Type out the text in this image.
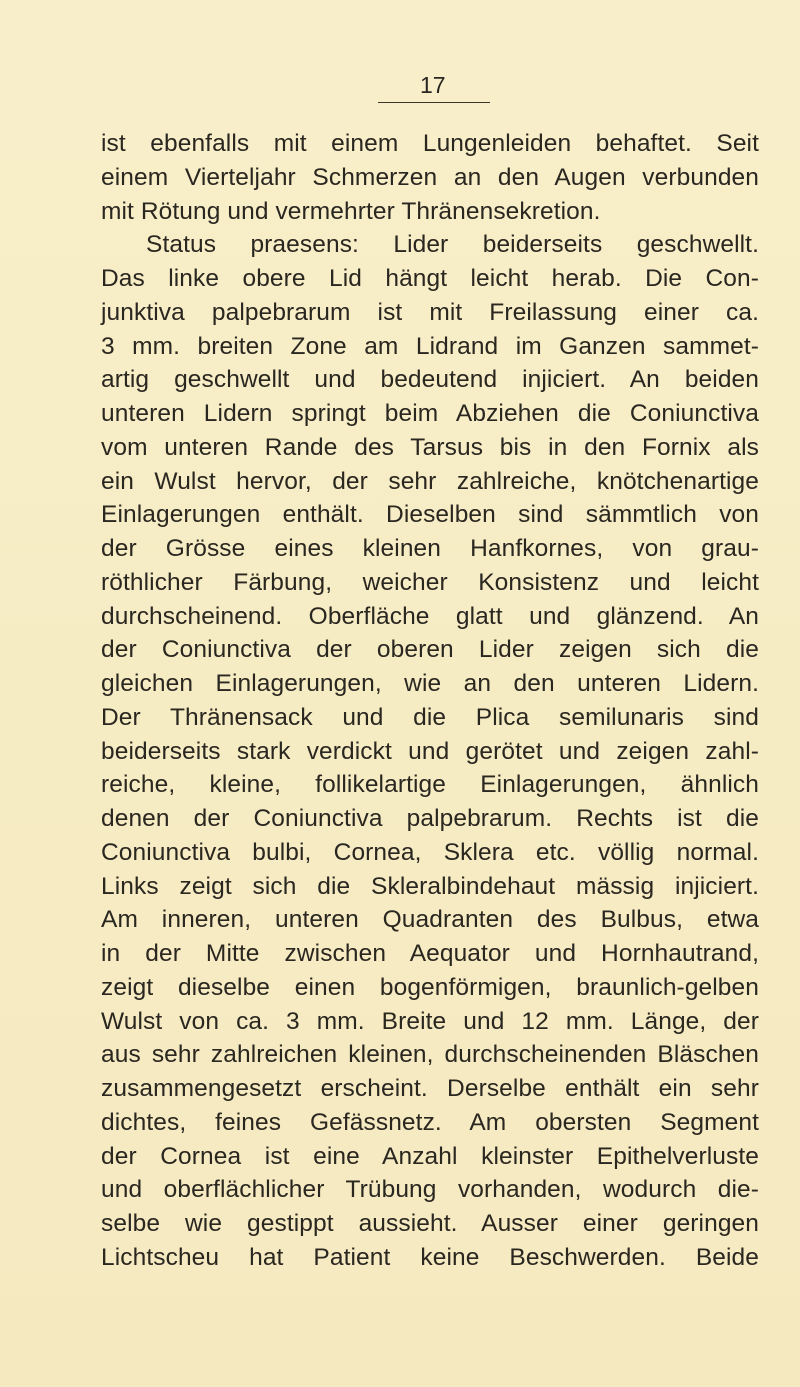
17
ist ebenfalls mit einem Lungenleiden behaftet. Seit
einem Vierteljahr Schmerzen an den Augen verbunden
mit Rötung und vermehrter Thränensekretion.
Status praesens: Lider beiderseits geschwellt.
Das linke obere Lid hängt leicht herab. Die Con-
junktiva palpebrarum ist mit Freilassung einer ca.
3 mm. breiten Zone am Lidrand im Ganzen sammet-
artig geschwellt und bedeutend injiciert. An beiden
unteren Lidern springt beim Abziehen die Coniunctiva
vom unteren Rande des Tarsus bis in den Fornix als
ein Wulst hervor, der sehr zahlreiche, knötchenartige
Einlagerungen enthält. Dieselben sind sämmtlich von
der Grösse eines kleinen Hanfkornes, von grau-
röthlicher Färbung, weicher Konsistenz und leicht
durchscheinend. Oberfläche glatt und glänzend. An
der Coniunctiva der oberen Lider zeigen sich die
gleichen Einlagerungen, wie an den unteren Lidern.
Der Thränensack und die Plica semilunaris sind
beiderseits stark verdickt und gerötet und zeigen zahl-
reiche, kleine, follikelartige Einlagerungen, ähnlich
denen der Coniunctiva palpebrarum. Rechts ist die
Coniunctiva bulbi, Cornea, Sklera etc. völlig normal.
Links zeigt sich die Skleralbindehaut mässig injiciert.
Am inneren, unteren Quadranten des Bulbus, etwa
in der Mitte zwischen Aequator und Hornhautrand,
zeigt dieselbe einen bogenförmigen, braunlich-gelben
Wulst von ca. 3 mm. Breite und 12 mm. Länge, der
aus sehr zahlreichen kleinen, durchscheinenden Bläschen
zusammengesetzt erscheint. Derselbe enthält ein sehr
dichtes, feines Gefässnetz. Am obersten Segment
der Cornea ist eine Anzahl kleinster Epithelverluste
und oberflächlicher Trübung vorhanden, wodurch die-
selbe wie gestippt aussieht. Ausser einer geringen
Lichtscheu hat Patient keine Beschwerden. Beide
